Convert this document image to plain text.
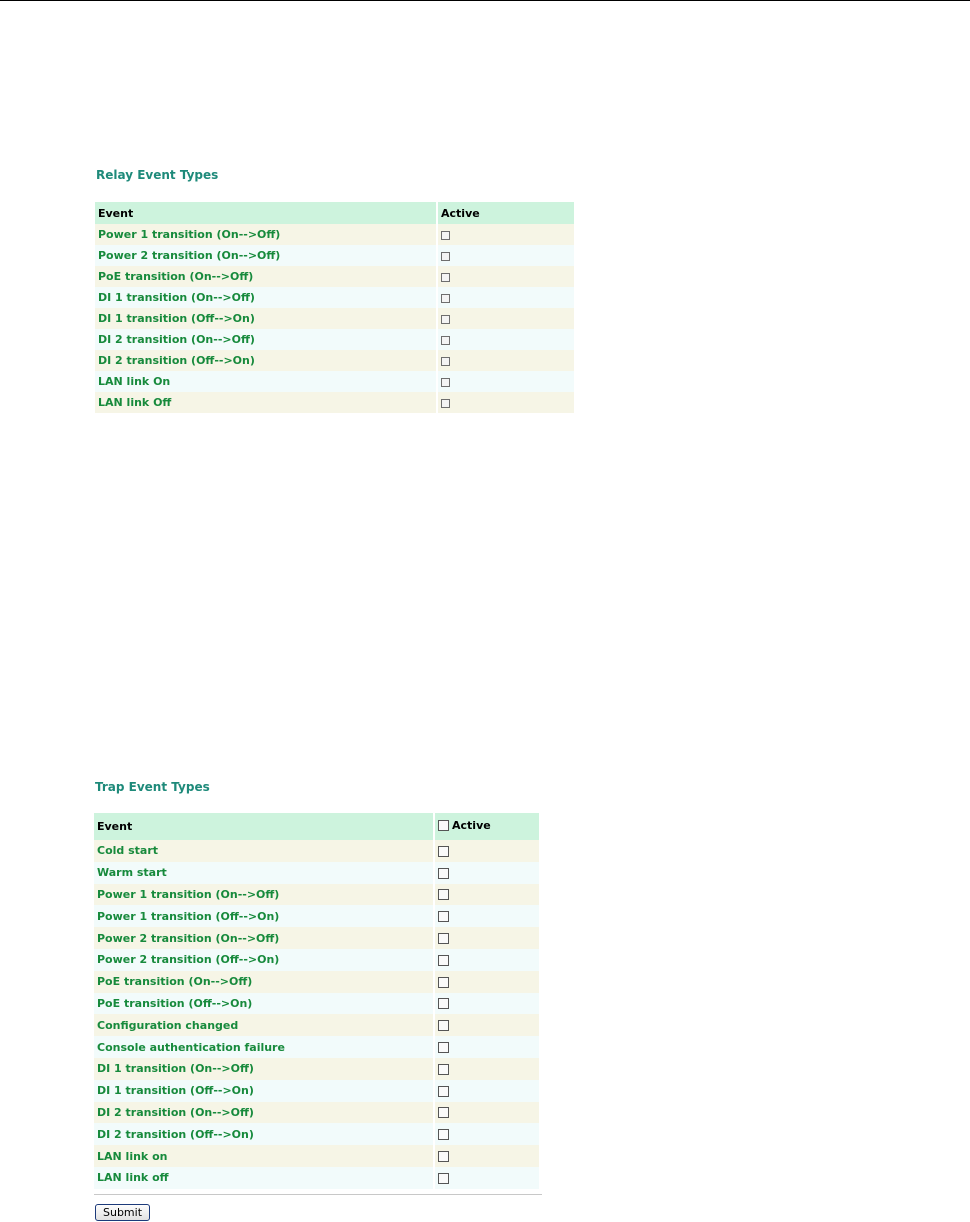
Relay Event Types
Event		Active
Power 1 transition (On-->Off)		
Power 2 transition (On-->Off)		
PoE transition (On-->Off)		
DI 1 transition (On-->Off)		
DI 1 transition (Off-->On)		
DI 2 transition (On-->Off)		
DI 2 transition (Off-->On)		
LAN link On		
LAN link Off		
Trap Event Types
Event		Active

Cold start		
Warm start		
Power 1 transition (On-->Off)		
Power 1 transition (Off-->On)		
Power 2 transition (On-->Off)		
Power 2 transition (Off-->On)		
PoE transition (On-->Off)		
PoE transition (Off-->On)		
Configuration changed		
Console authentication failure		
DI 1 transition (On-->Off)		
DI 1 transition (Off-->On)		
DI 2 transition (On-->Off)		
DI 2 transition (Off-->On)		
LAN link on		
LAN link off		
Submit
